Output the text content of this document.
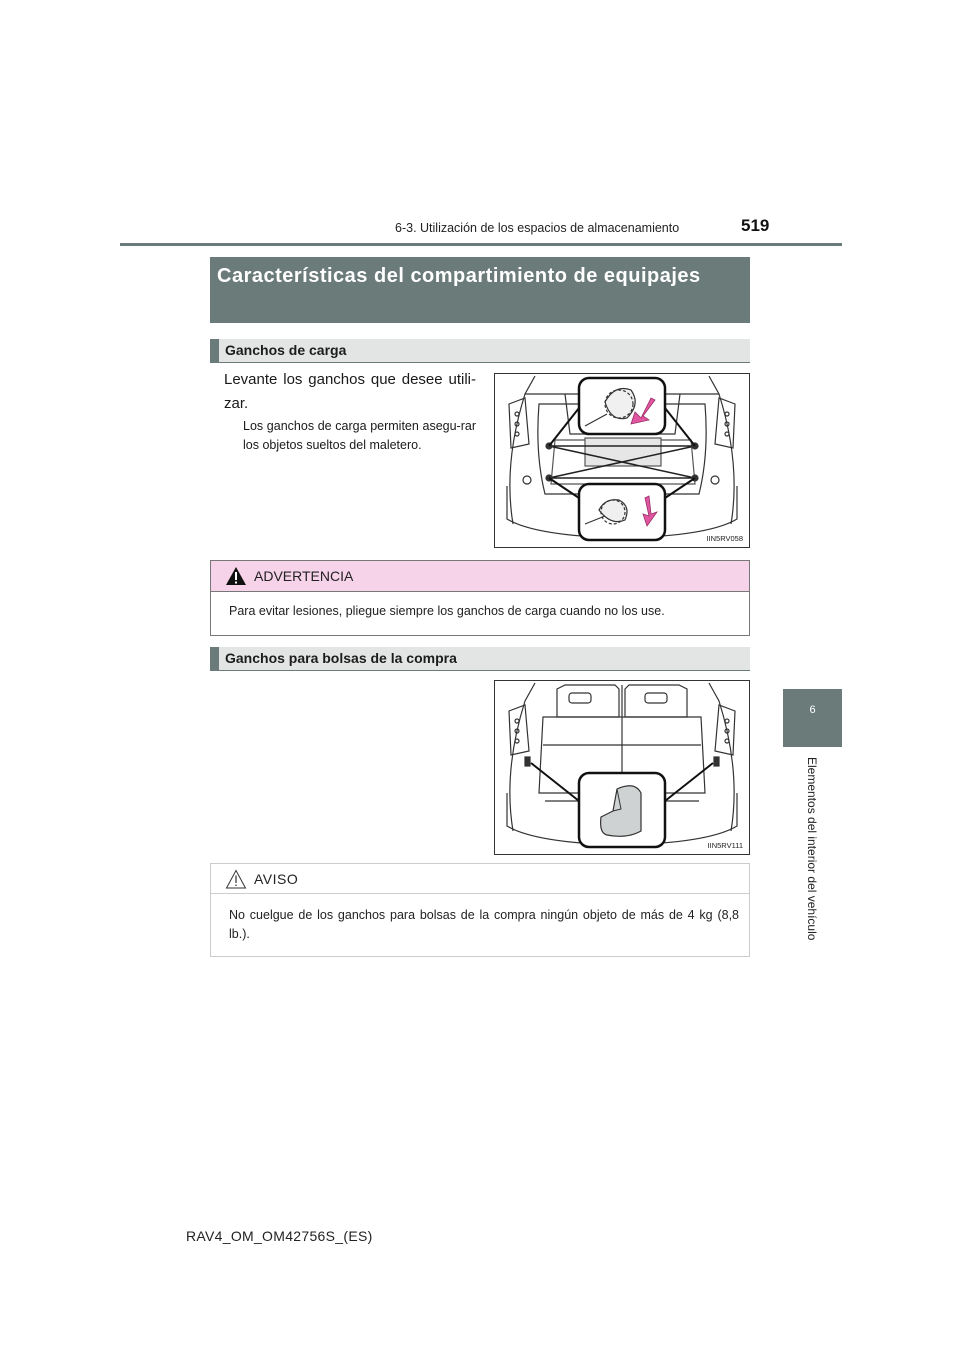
6-3. Utilización de los espacios de almacenamiento	519
6
Elementos del interior del vehículo
Características del compartimiento de equipajes
Ganchos de carga
Levante los ganchos que desee utili-zar.
Los ganchos de carga permiten asegu-rar los objetos sueltos del maletero.
IIN5RV058
ADVERTENCIA
Para evitar lesiones, pliegue siempre los ganchos de carga cuando no los use.
Ganchos para bolsas de la compra
IIN5RV111
AVISO
No cuelgue de los ganchos para bolsas de la compra ningún objeto de más de 4 kg (8,8 lb.).
RAV4_OM_OM42756S_(ES)
